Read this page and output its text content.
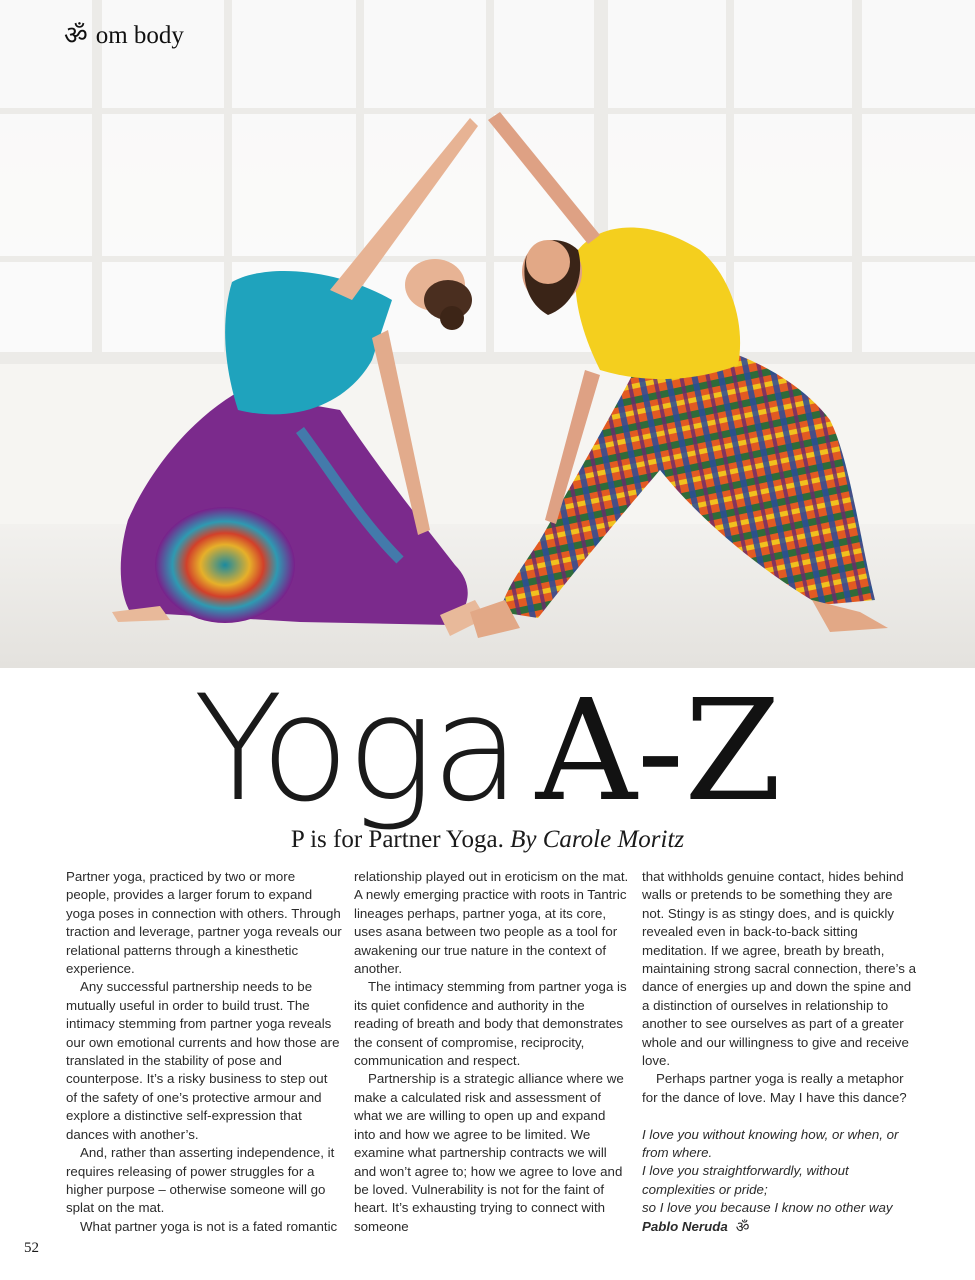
ॐ om body
Yoga A-Z
P is for Partner Yoga. By Carole Moritz

Partner yoga, practiced by two or more people, provides a larger forum to expand yoga poses in connection with others. Through traction and leverage, partner yoga reveals our relational patterns through a kinesthetic experience.

Any successful partnership needs to be mutually useful in order to build trust. The intimacy stemming from partner yoga reveals our own emotional currents and how those are translated in the stability of pose and counterpose. It’s a risky business to step out of the safety of one’s protective armour and explore a distinctive self-expression that dances with another’s.

And, rather than asserting independence, it requires releasing of power struggles for a higher purpose – otherwise someone will go splat on the mat.

What partner yoga is not is a fated romantic

relationship played out in eroticism on the mat. A newly emerging practice with roots in Tantric lineages perhaps, partner yoga, at its core, uses asana between two people as a tool for awakening our true nature in the context of another.

The intimacy stemming from partner yoga is its quiet confidence and authority in the reading of breath and body that demonstrates the consent of compromise, reciprocity, communication and respect.

Partnership is a strategic alliance where we make a calculated risk and assessment of what we are willing to open up and expand into and how we agree to be limited. We examine what partnership contracts we will and won’t agree to; how we agree to love and be loved. Vulnerability is not for the faint of heart. It’s exhausting trying to connect with someone

that withholds genuine contact, hides behind walls or pretends to be something they are not. Stingy is as stingy does, and is quickly revealed even in back-to-back sitting meditation. If we agree, breath by breath, maintaining strong sacral connection, there’s a dance of energies up and down the spine and a distinction of ourselves in relationship to another to see ourselves as part of a greater whole and our willingness to give and receive love.

Perhaps partner yoga is really a metaphor for the dance of love. May I have this dance?

I love you without knowing how, or when, or from where.
I love you straightforwardly, without complexities or pride;
so I love you because I know no other way
Pablo Neruda ॐ
52
